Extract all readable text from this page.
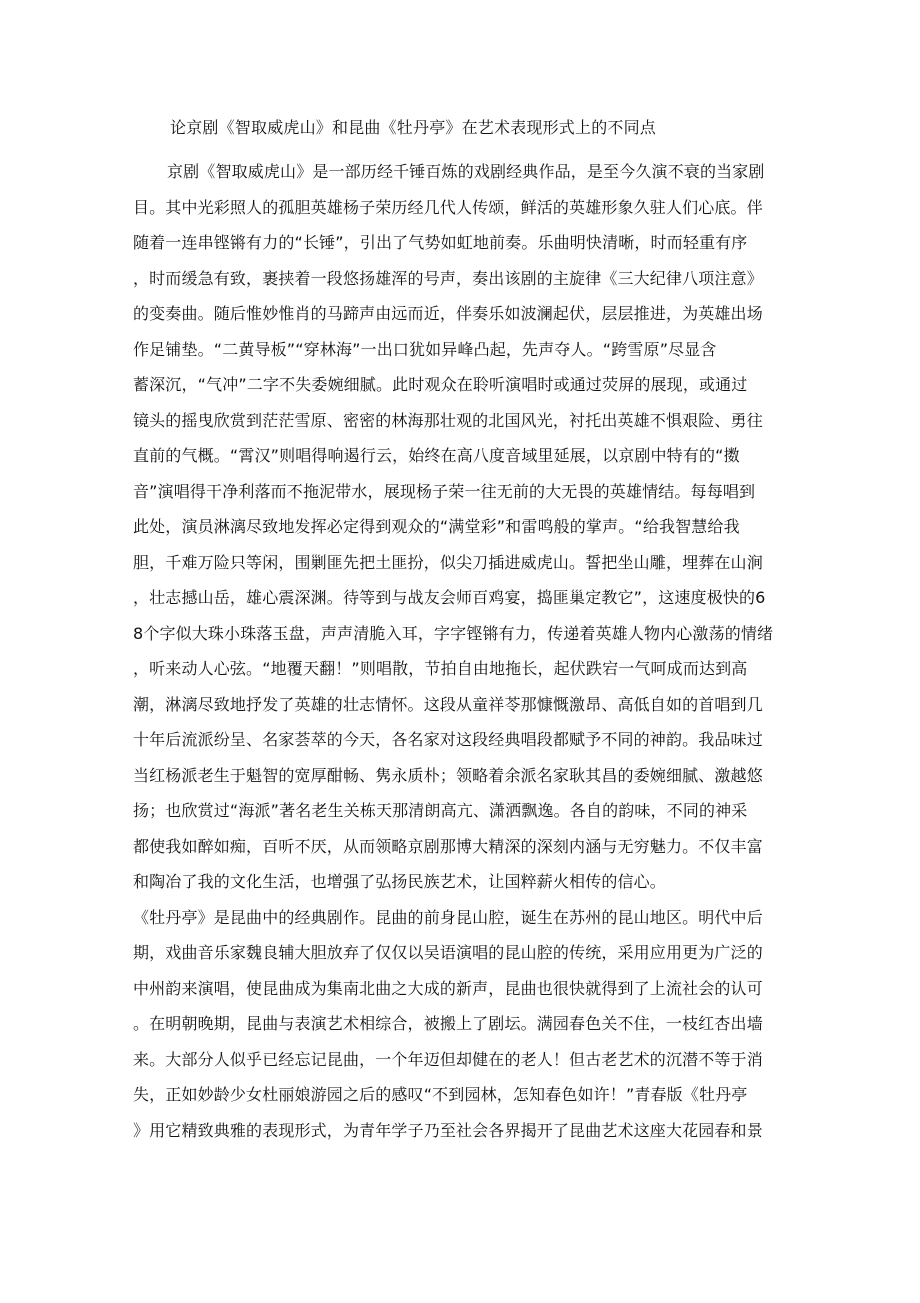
论京剧《智取威虎山》和昆曲《牡丹亭》在艺术表现形式上的不同点
京剧《智取威虎山》是一部历经千锤百炼的戏剧经典作品，是至今久演不衰的当家剧
目。其中光彩照人的孤胆英雄杨子荣历经几代人传颂，鲜活的英雄形象久驻人们心底。伴
随着一连串铿锵有力的“长锤”，引出了气势如虹地前奏。乐曲明快清晰，时而轻重有序
，时而缓急有致，裹挟着一段悠扬雄浑的号声，奏出该剧的主旋律《三大纪律八项注意》
的变奏曲。随后惟妙惟肖的马蹄声由远而近，伴奏乐如波澜起伏，层层推进，为英雄出场
作足铺垫。“二黄导板”“穿林海”一出口犹如异峰凸起，先声夺人。“跨雪原”尽显含
蓄深沉，“气冲”二字不失委婉细腻。此时观众在聆听演唱时或通过荧屏的展现，或通过
镜头的摇曳欣赏到茫茫雪原、密密的林海那壮观的北国风光，衬托出英雄不惧艰险、勇往
直前的气概。“霄汉”则唱得响遏行云，始终在高八度音域里延展，以京剧中特有的“擞
音”演唱得干净利落而不拖泥带水，展现杨子荣一往无前的大无畏的英雄情结。每每唱到
此处，演员淋漓尽致地发挥必定得到观众的“满堂彩”和雷鸣般的掌声。“给我智慧给我
胆，千难万险只等闲，围剿匪先把土匪扮，似尖刀插进威虎山。誓把坐山雕，埋葬在山涧
，壮志撼山岳，雄心震深渊。待等到与战友会师百鸡宴，捣匪巢定教它”，这速度极快的6
8个字似大珠小珠落玉盘，声声清脆入耳，字字铿锵有力，传递着英雄人物内心激荡的情绪
，听来动人心弦。“地覆天翻！”则唱散，节拍自由地拖长，起伏跌宕一气呵成而达到高
潮，淋漓尽致地抒发了英雄的壮志情怀。这段从童祥苓那慷慨激昂、高低自如的首唱到几
十年后流派纷呈、名家荟萃的今天，各名家对这段经典唱段都赋予不同的神韵。我品味过
当红杨派老生于魁智的宽厚酣畅、隽永质朴；领略着余派名家耿其昌的委婉细腻、激越悠
扬；也欣赏过“海派”著名老生关栋天那清朗高亢、潇洒飘逸。各自的韵味，不同的神采
都使我如醉如痴，百听不厌，从而领略京剧那博大精深的深刻内涵与无穷魅力。不仅丰富
和陶冶了我的文化生活，也增强了弘扬民族艺术，让国粹薪火相传的信心。
《牡丹亭》是昆曲中的经典剧作。昆曲的前身昆山腔，诞生在苏州的昆山地区。明代中后
期，戏曲音乐家魏良辅大胆放弃了仅仅以吴语演唱的昆山腔的传统，采用应用更为广泛的
中州韵来演唱，使昆曲成为集南北曲之大成的新声，昆曲也很快就得到了上流社会的认可
。在明朝晚期，昆曲与表演艺术相综合，被搬上了剧坛。满园春色关不住，一枝红杏出墙
来。大部分人似乎已经忘记昆曲，一个年迈但却健在的老人！但古老艺术的沉潜不等于消
失，正如妙龄少女杜丽娘游园之后的感叹“不到园林，怎知春色如许！”青春版《牡丹亭
》用它精致典雅的表现形式，为青年学子乃至社会各界揭开了昆曲艺术这座大花园春和景
